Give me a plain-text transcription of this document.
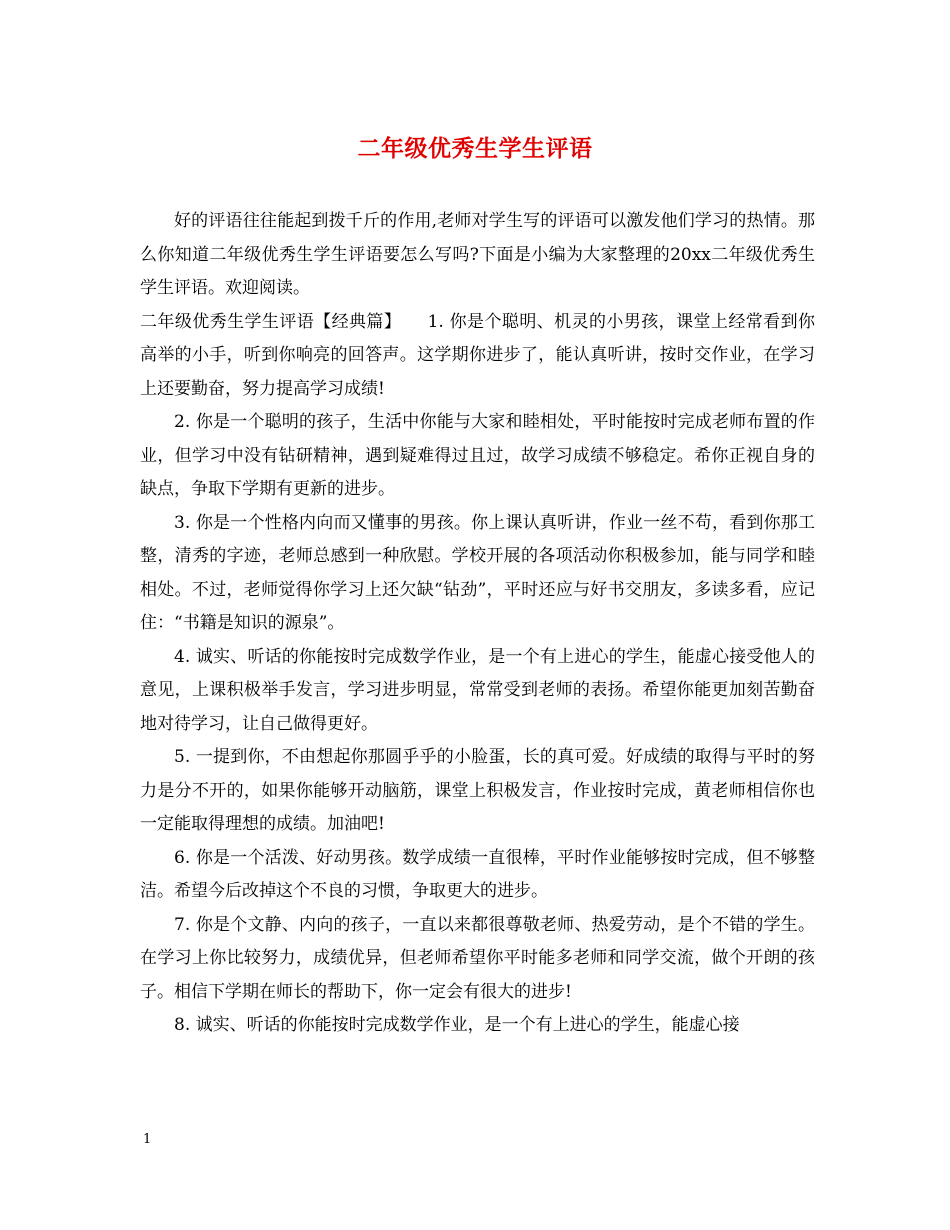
二年级优秀生学生评语

好的评语往往能起到拨千斤的作用,老师对学生写的评语可以激发他们学习的热情。那么你知道二年级优秀生学生评语要怎么写吗?下面是小编为大家整理的20xx二年级优秀生学生评语。欢迎阅读。

二年级优秀生学生评语【经典篇】　　1. 你是个聪明、机灵的小男孩，课堂上经常看到你高举的小手，听到你响亮的回答声。这学期你进步了，能认真听讲，按时交作业，在学习上还要勤奋，努力提高学习成绩!

2. 你是一个聪明的孩子，生活中你能与大家和睦相处，平时能按时完成老师布置的作业，但学习中没有钻研精神，遇到疑难得过且过，故学习成绩不够稳定。希你正视自身的缺点，争取下学期有更新的进步。

3. 你是一个性格内向而又懂事的男孩。你上课认真听讲，作业一丝不苟，看到你那工整，清秀的字迹，老师总感到一种欣慰。学校开展的各项活动你积极参加，能与同学和睦相处。不过，老师觉得你学习上还欠缺“钻劲”，平时还应与好书交朋友，多读多看，应记住：“书籍是知识的源泉”。

4. 诚实、听话的你能按时完成数学作业，是一个有上进心的学生，能虚心接受他人的意见，上课积极举手发言，学习进步明显，常常受到老师的表扬。希望你能更加刻苦勤奋地对待学习，让自己做得更好。

5. 一提到你，不由想起你那圆乎乎的小脸蛋，长的真可爱。好成绩的取得与平时的努力是分不开的，如果你能够开动脑筋，课堂上积极发言，作业按时完成，黄老师相信你也一定能取得理想的成绩。加油吧!

6. 你是一个活泼、好动男孩。数学成绩一直很棒，平时作业能够按时完成，但不够整洁。希望今后改掉这个不良的习惯，争取更大的进步。

7. 你是个文静、内向的孩子，一直以来都很尊敬老师、热爱劳动，是个不错的学生。在学习上你比较努力，成绩优异，但老师希望你平时能多老师和同学交流，做个开朗的孩子。相信下学期在师长的帮助下，你一定会有很大的进步!

8. 诚实、听话的你能按时完成数学作业，是一个有上进心的学生，能虚心接

1
